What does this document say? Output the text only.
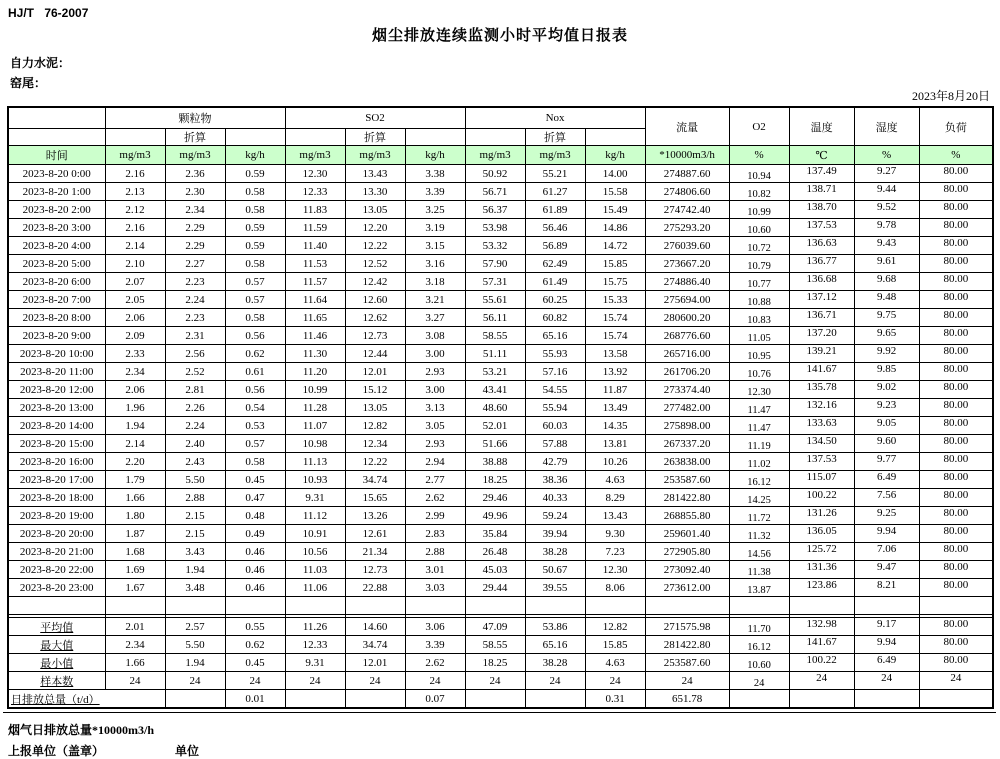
HJ/T 76-2007
烟尘排放连续监测小时平均值日报表
自力水泥：
窑尾：
2023年8月20日
	颗粒物			SO2			Nox			流量	O2	温度	湿度	负荷
		折算			折算			折算						
时间	mg/m3	mg/m3	kg/h	mg/m3	mg/m3	kg/h	mg/m3	mg/m3	kg/h	*10000m3/h	%	℃	%	%
2023-8-20 0:00	2.16	2.36	0.59	12.30	13.43	3.38	50.92	55.21	14.00	274887.60	10.94	137.49	9.27	80.00
2023-8-20 1:00	2.13	2.30	0.58	12.33	13.30	3.39	56.71	61.27	15.58	274806.60	10.82	138.71	9.44	80.00
2023-8-20 2:00	2.12	2.34	0.58	11.83	13.05	3.25	56.37	61.89	15.49	274742.40	10.99	138.70	9.52	80.00
2023-8-20 3:00	2.16	2.29	0.59	11.59	12.20	3.19	53.98	56.46	14.86	275293.20	10.60	137.53	9.78	80.00
2023-8-20 4:00	2.14	2.29	0.59	11.40	12.22	3.15	53.32	56.89	14.72	276039.60	10.72	136.63	9.43	80.00
2023-8-20 5:00	2.10	2.27	0.58	11.53	12.52	3.16	57.90	62.49	15.85	273667.20	10.79	136.77	9.61	80.00
2023-8-20 6:00	2.07	2.23	0.57	11.57	12.42	3.18	57.31	61.49	15.75	274886.40	10.77	136.68	9.68	80.00
2023-8-20 7:00	2.05	2.24	0.57	11.64	12.60	3.21	55.61	60.25	15.33	275694.00	10.88	137.12	9.48	80.00
2023-8-20 8:00	2.06	2.23	0.58	11.65	12.62	3.27	56.11	60.82	15.74	280600.20	10.83	136.71	9.75	80.00
2023-8-20 9:00	2.09	2.31	0.56	11.46	12.73	3.08	58.55	65.16	15.74	268776.60	11.05	137.20	9.65	80.00
2023-8-20 10:00	2.33	2.56	0.62	11.30	12.44	3.00	51.11	55.93	13.58	265716.00	10.95	139.21	9.92	80.00
2023-8-20 11:00	2.34	2.52	0.61	11.20	12.01	2.93	53.21	57.16	13.92	261706.20	10.76	141.67	9.85	80.00
2023-8-20 12:00	2.06	2.81	0.56	10.99	15.12	3.00	43.41	54.55	11.87	273374.40	12.30	135.78	9.02	80.00
2023-8-20 13:00	1.96	2.26	0.54	11.28	13.05	3.13	48.60	55.94	13.49	277482.00	11.47	132.16	9.23	80.00
2023-8-20 14:00	1.94	2.24	0.53	11.07	12.82	3.05	52.01	60.03	14.35	275898.00	11.47	133.63	9.05	80.00
2023-8-20 15:00	2.14	2.40	0.57	10.98	12.34	2.93	51.66	57.88	13.81	267337.20	11.19	134.50	9.60	80.00
2023-8-20 16:00	2.20	2.43	0.58	11.13	12.22	2.94	38.88	42.79	10.26	263838.00	11.02	137.53	9.77	80.00
2023-8-20 17:00	1.79	5.50	0.45	10.93	34.74	2.77	18.25	38.36	4.63	253587.60	16.12	115.07	6.49	80.00
2023-8-20 18:00	1.66	2.88	0.47	9.31	15.65	2.62	29.46	40.33	8.29	281422.80	14.25	100.22	7.56	80.00
2023-8-20 19:00	1.80	2.15	0.48	11.12	13.26	2.99	49.96	59.24	13.43	268855.80	11.72	131.26	9.25	80.00
2023-8-20 20:00	1.87	2.15	0.49	10.91	12.61	2.83	35.84	39.94	9.30	259601.40	11.32	136.05	9.94	80.00
2023-8-20 21:00	1.68	3.43	0.46	10.56	21.34	2.88	26.48	38.28	7.23	272905.80	14.56	125.72	7.06	80.00
2023-8-20 22:00	1.69	1.94	0.46	11.03	12.73	3.01	45.03	50.67	12.30	273092.40	11.38	131.36	9.47	80.00
2023-8-20 23:00	1.67	3.48	0.46	11.06	22.88	3.03	29.44	39.55	8.06	273612.00	13.87	123.86	8.21	80.00

平均值	2.01	2.57	0.55	11.26	14.60	3.06	47.09	53.86	12.82	271575.98	11.70	132.98	9.17	80.00
最大值	2.34	5.50	0.62	12.33	34.74	3.39	58.55	65.16	15.85	281422.80	16.12	141.67	9.94	80.00
最小值	1.66	1.94	0.45	9.31	12.01	2.62	18.25	38.28	4.63	253587.60	10.60	100.22	6.49	80.00
样本数	24	24	24	24	24	24	24	24	24	24	24	24	24	24
日排放总量（t/d）			0.01			0.07			0.31	651.78				
烟气日排放总量*10000m3/h
上报单位（盖章）	单位
